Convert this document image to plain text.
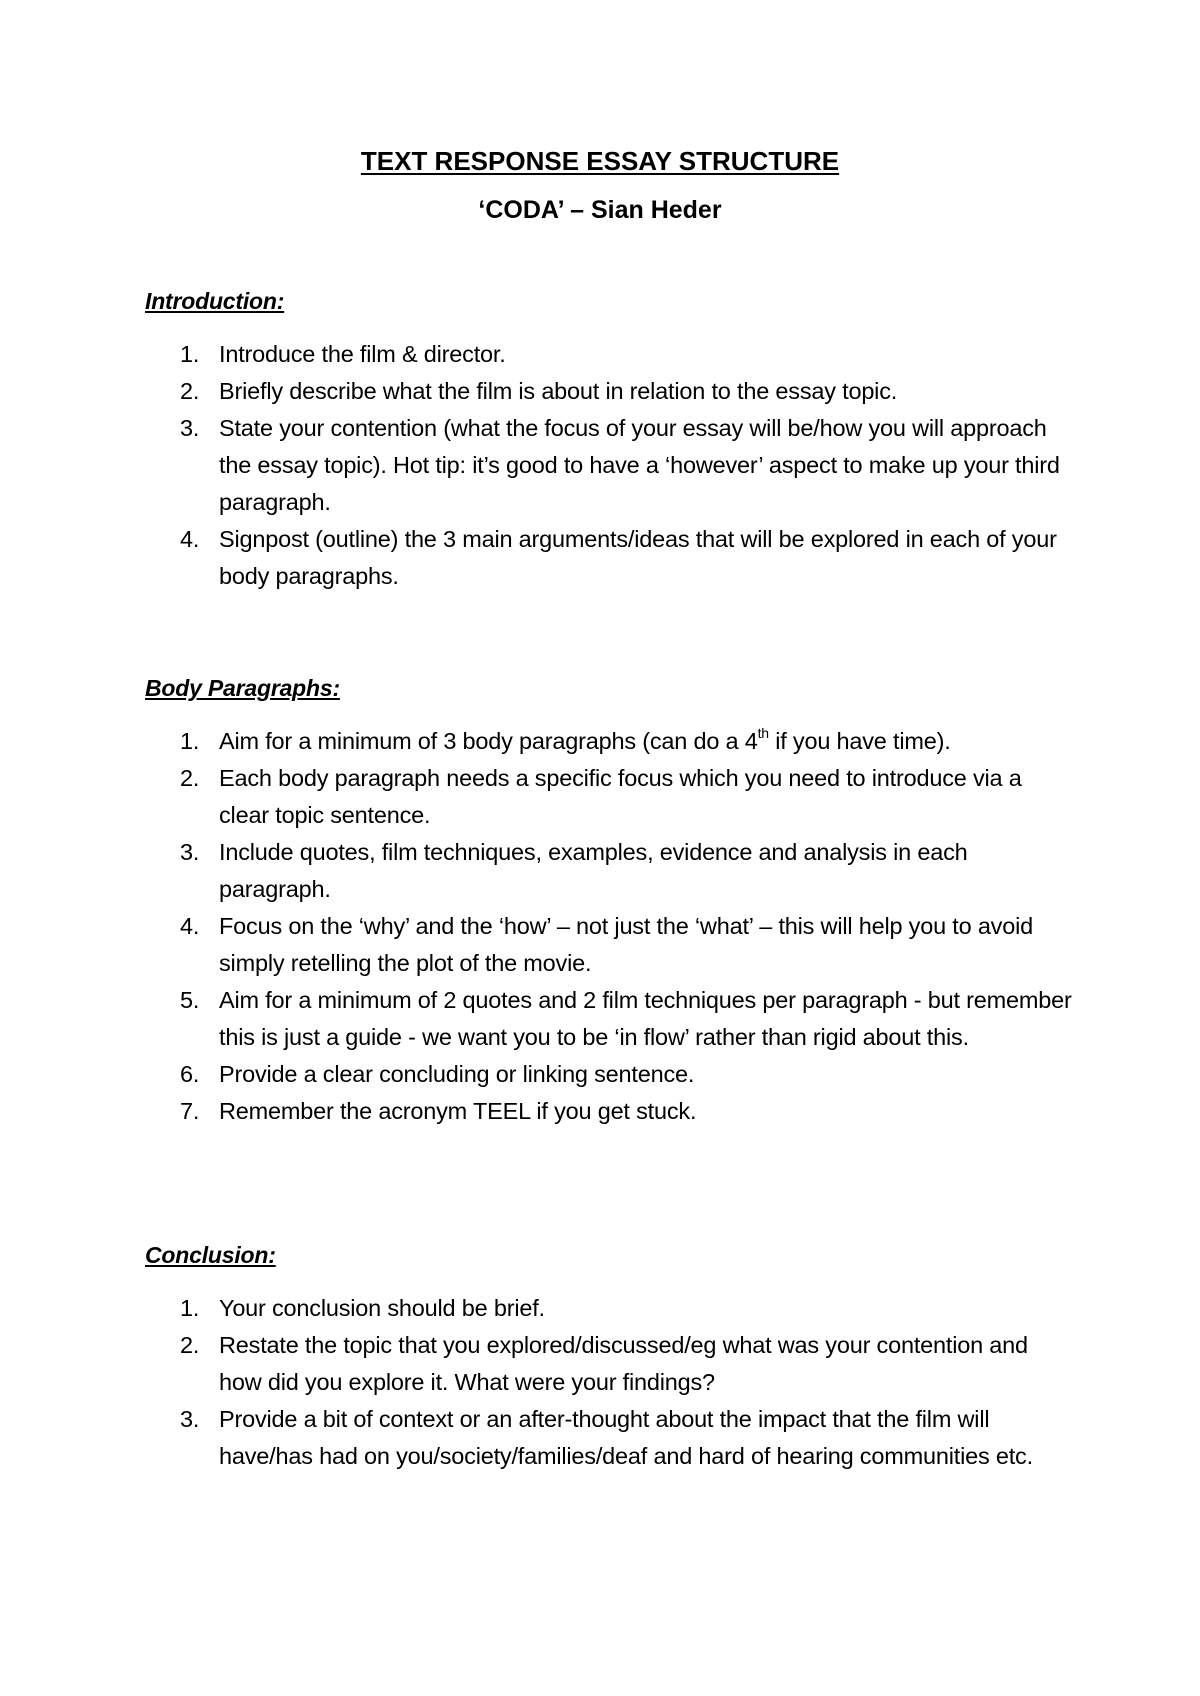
TEXT RESPONSE ESSAY STRUCTURE
‘CODA’ – Sian Heder

Introduction:

1. Introduce the film & director.
2. Briefly describe what the film is about in relation to the essay topic.
3. State your contention (what the focus of your essay will be/how you will approach the essay topic). Hot tip: it’s good to have a ‘however’ aspect to make up your third paragraph.
4. Signpost (outline) the 3 main arguments/ideas that will be explored in each of your body paragraphs.

Body Paragraphs:

1. Aim for a minimum of 3 body paragraphs (can do a 4th if you have time).
2. Each body paragraph needs a specific focus which you need to introduce via a clear topic sentence.
3. Include quotes, film techniques, examples, evidence and analysis in each paragraph.
4. Focus on the ‘why’ and the ‘how’ – not just the ‘what’ – this will help you to avoid simply retelling the plot of the movie.
5. Aim for a minimum of 2 quotes and 2 film techniques per paragraph - but remember this is just a guide - we want you to be ‘in flow’ rather than rigid about this.
6. Provide a clear concluding or linking sentence.
7. Remember the acronym TEEL if you get stuck.

Conclusion:

1. Your conclusion should be brief.
2. Restate the topic that you explored/discussed/eg what was your contention and how did you explore it. What were your findings?
3. Provide a bit of context or an after-thought about the impact that the film will have/has had on you/society/families/deaf and hard of hearing communities etc.
